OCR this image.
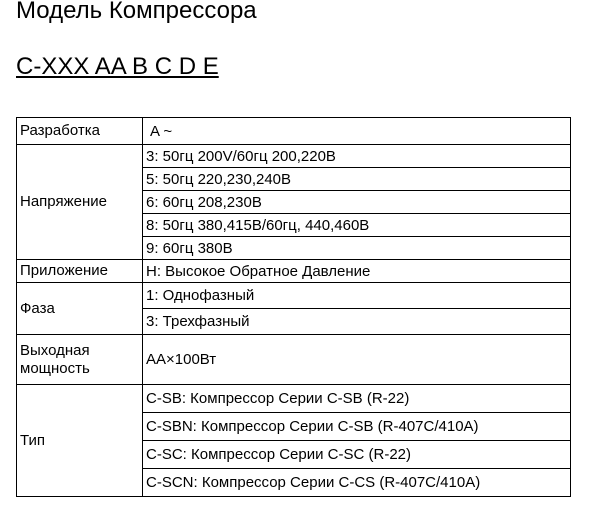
Модель Компрессора
C-XXX AA B C D E
Разработка	A ~
Напряжение	3: 50гц 200V/60гц 200,220В
	5: 50гц 220,230,240В
	6: 60гц 208,230В
	8: 50гц 380,415В/60гц, 440,460В
	9: 60гц 380В
Приложение	H: Высокое Обратное Давление
Фаза	1: Однофазный
	3: Трехфазный
Выходная мощность	AA×100Вт
Тип	C-SB: Компрессор Серии C-SB (R-22)
	C-SBN: Компрессор Серии C-SB (R-407C/410A)
	C-SC: Компрессор Серии C-SC (R-22)
	C-SCN: Компрессор Серии C-CS (R-407C/410A)
